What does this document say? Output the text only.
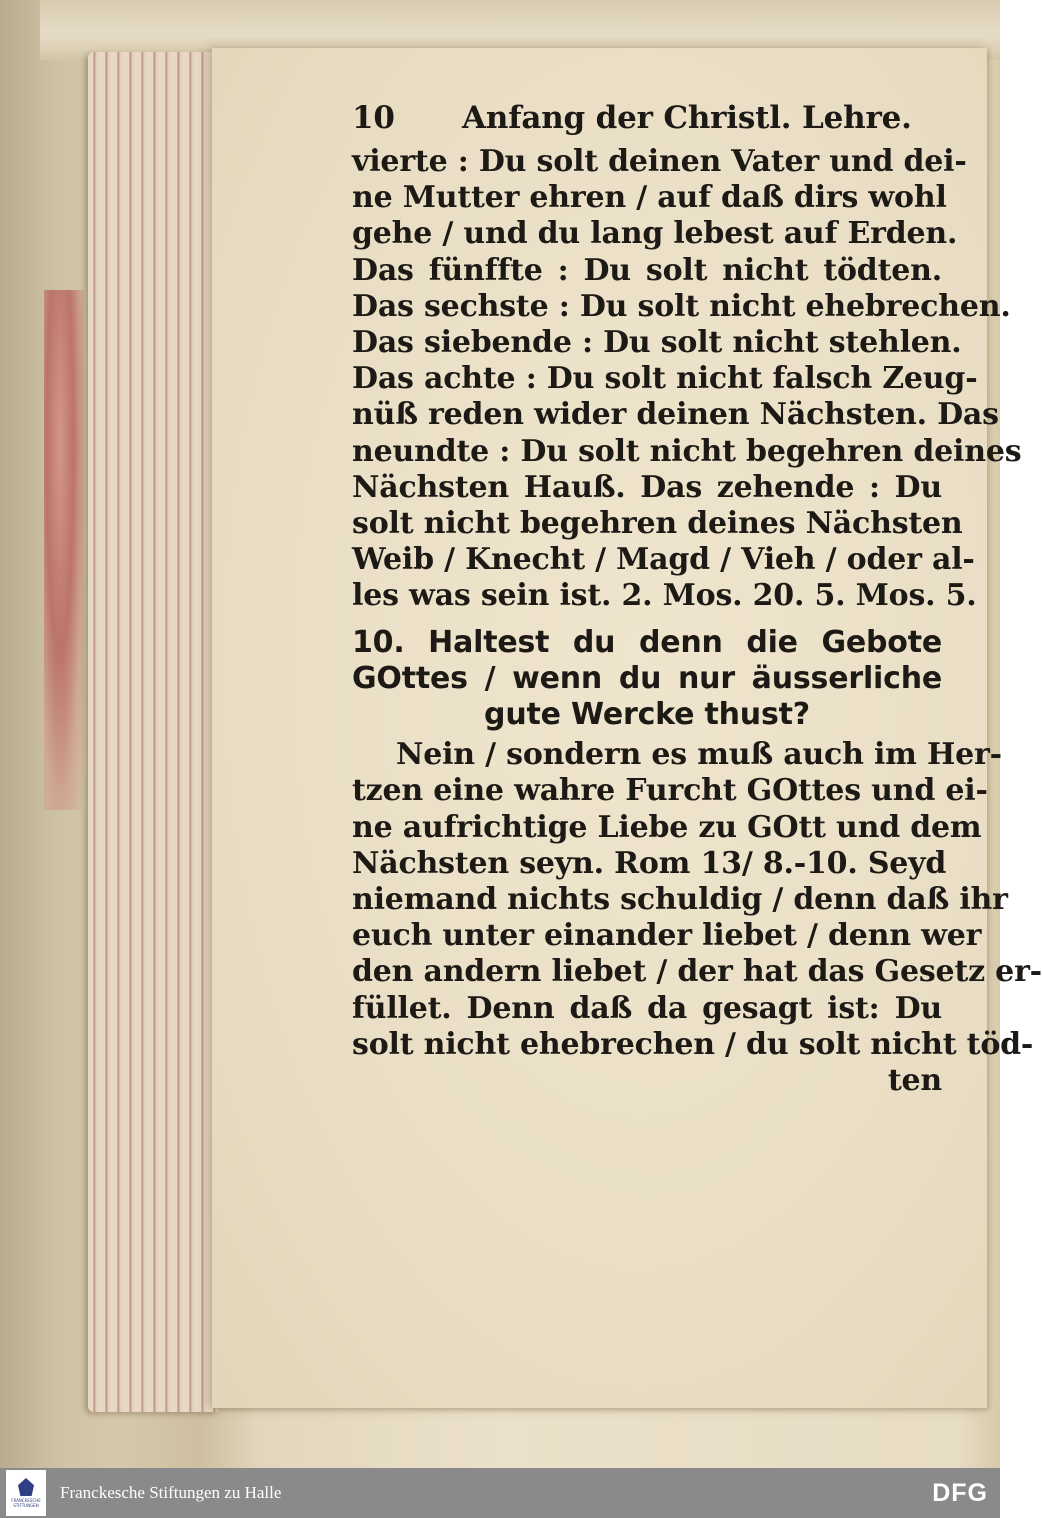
10	Anfang der Christl. Lehre.
vierte : Du solt deinen Vater und dei-
ne Mutter ehren / auf daß dirs wohl
gehe / und du lang lebest auf Erden.
Das fünffte : Du solt nicht tödten.
Das sechste : Du solt nicht ehebrechen.
Das siebende : Du solt nicht stehlen.
Das achte : Du solt nicht falsch Zeug-
nüß reden wider deinen Nächsten. Das
neundte : Du solt nicht begehren deines
Nächsten Hauß. Das zehende : Du
solt nicht begehren deines Nächsten
Weib / Knecht / Magd / Vieh / oder al-
les was sein ist. 2. Mos. 20. 5. Mos. 5.
10. Haltest du denn die Gebote
GOttes / wenn du nur äusserliche
gute Wercke thust?
Nein / sondern es muß auch im Her-
tzen eine wahre Furcht GOttes und ei-
ne aufrichtige Liebe zu GOtt und dem
Nächsten seyn. Rom 13/ 8.-10. Seyd
niemand nichts schuldig / denn daß ihr
euch unter einander liebet / denn wer
den andern liebet / der hat das Gesetz er-
füllet. Denn daß da gesagt ist: Du
solt nicht ehebrechen / du solt nicht töd-
ten
FRANCKESCHE STIFTUNGEN
Franckesche Stiftungen zu Halle	DFG
